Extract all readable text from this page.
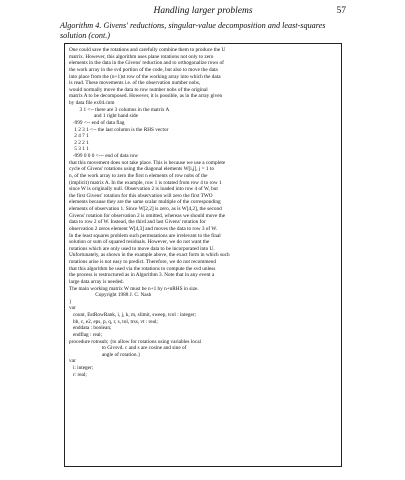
Handling larger problems	57
Algorithm 4. Givens' reductions, singular-value decomposition and least-squares solution (cont.)
One could save the rotations and carefully combine them to produce the U
matrix. However, this algorithm uses plane rotations not only to zero
elements in the data in the Givens' reduction and to orthogonalize rows of
the work array in the svd portion of the code, but also to move the data
into place from the (n+1)st row of the working array into which the data
is read. These movements i.e. of the observation number nobs,
would normally move the data to row number nobs of the original
matrix A to be decomposed. However, it is possible, as in the array given
by data file ex04.cnm
3 1 <-- there are 3 columns in the matrix A
and 1 right hand side
-999 <-- end of data flag
1 2 3 1 <-- the last column is the RHS vector
2 4 7 1
2 2 2 1
5 3 1 1
-999 0 0 0 <--- end of data row
that this movement does not take place. This is because we use a complete
cycle of Givens' rotations using the diagonal elements W[i,j], j = 1 to
n, of the work array to zero the first n elements of row nobs of the
(implicit) matrix A. In the example, row 1 is rotated from row 4 to row 1
since W is originally null. Observation 2 is loaded into row 4 of W, but
the first Givens' rotation for this observation will zero the first TWO
elements because they are the same scalar multiple of the corresponding
elements of observation 1. Since W[2,2] is zero, as is W[4,2], the second
Givens' rotation for observation 2 is omitted, whereas we should move the
data to row 2 of W. Instead, the third and last Givens' rotation for
observation 2 zeros element W[4,3] and moves the data to row 3 of W.
In the least squares problem such permutations are irrelevant to the final
solution or sum of squared residuals. However, we do not want the
rotations which are only used to move data to be incorporated into U.
Unfortunately, as shown in the example above, the exact form in which such
rotations arise is not easy to predict. Therefore, we do not recommend
that this algorithm be used via the rotations to compute the svd unless
the process is restructured as in Algorithm 3. Note that in any event a
large data array is needed.
The main working matrix W must be n+1 by n+nRHS in size.
Copyright 1988 J. C. Nash
}
var
count, EstRowRank, i, j, k, m, slimit, sweep, tcol : integer;
bb, c, e2, eps, p, q, r, s, tol, trss, vt : real;
enddata : boolean;
endflag : real;
procedure rotnsub; {to allow for rotations using variables local
to Givsvd. c and s are cosine and sine of
angle of rotation.}
var
i: integer;
r: real;
